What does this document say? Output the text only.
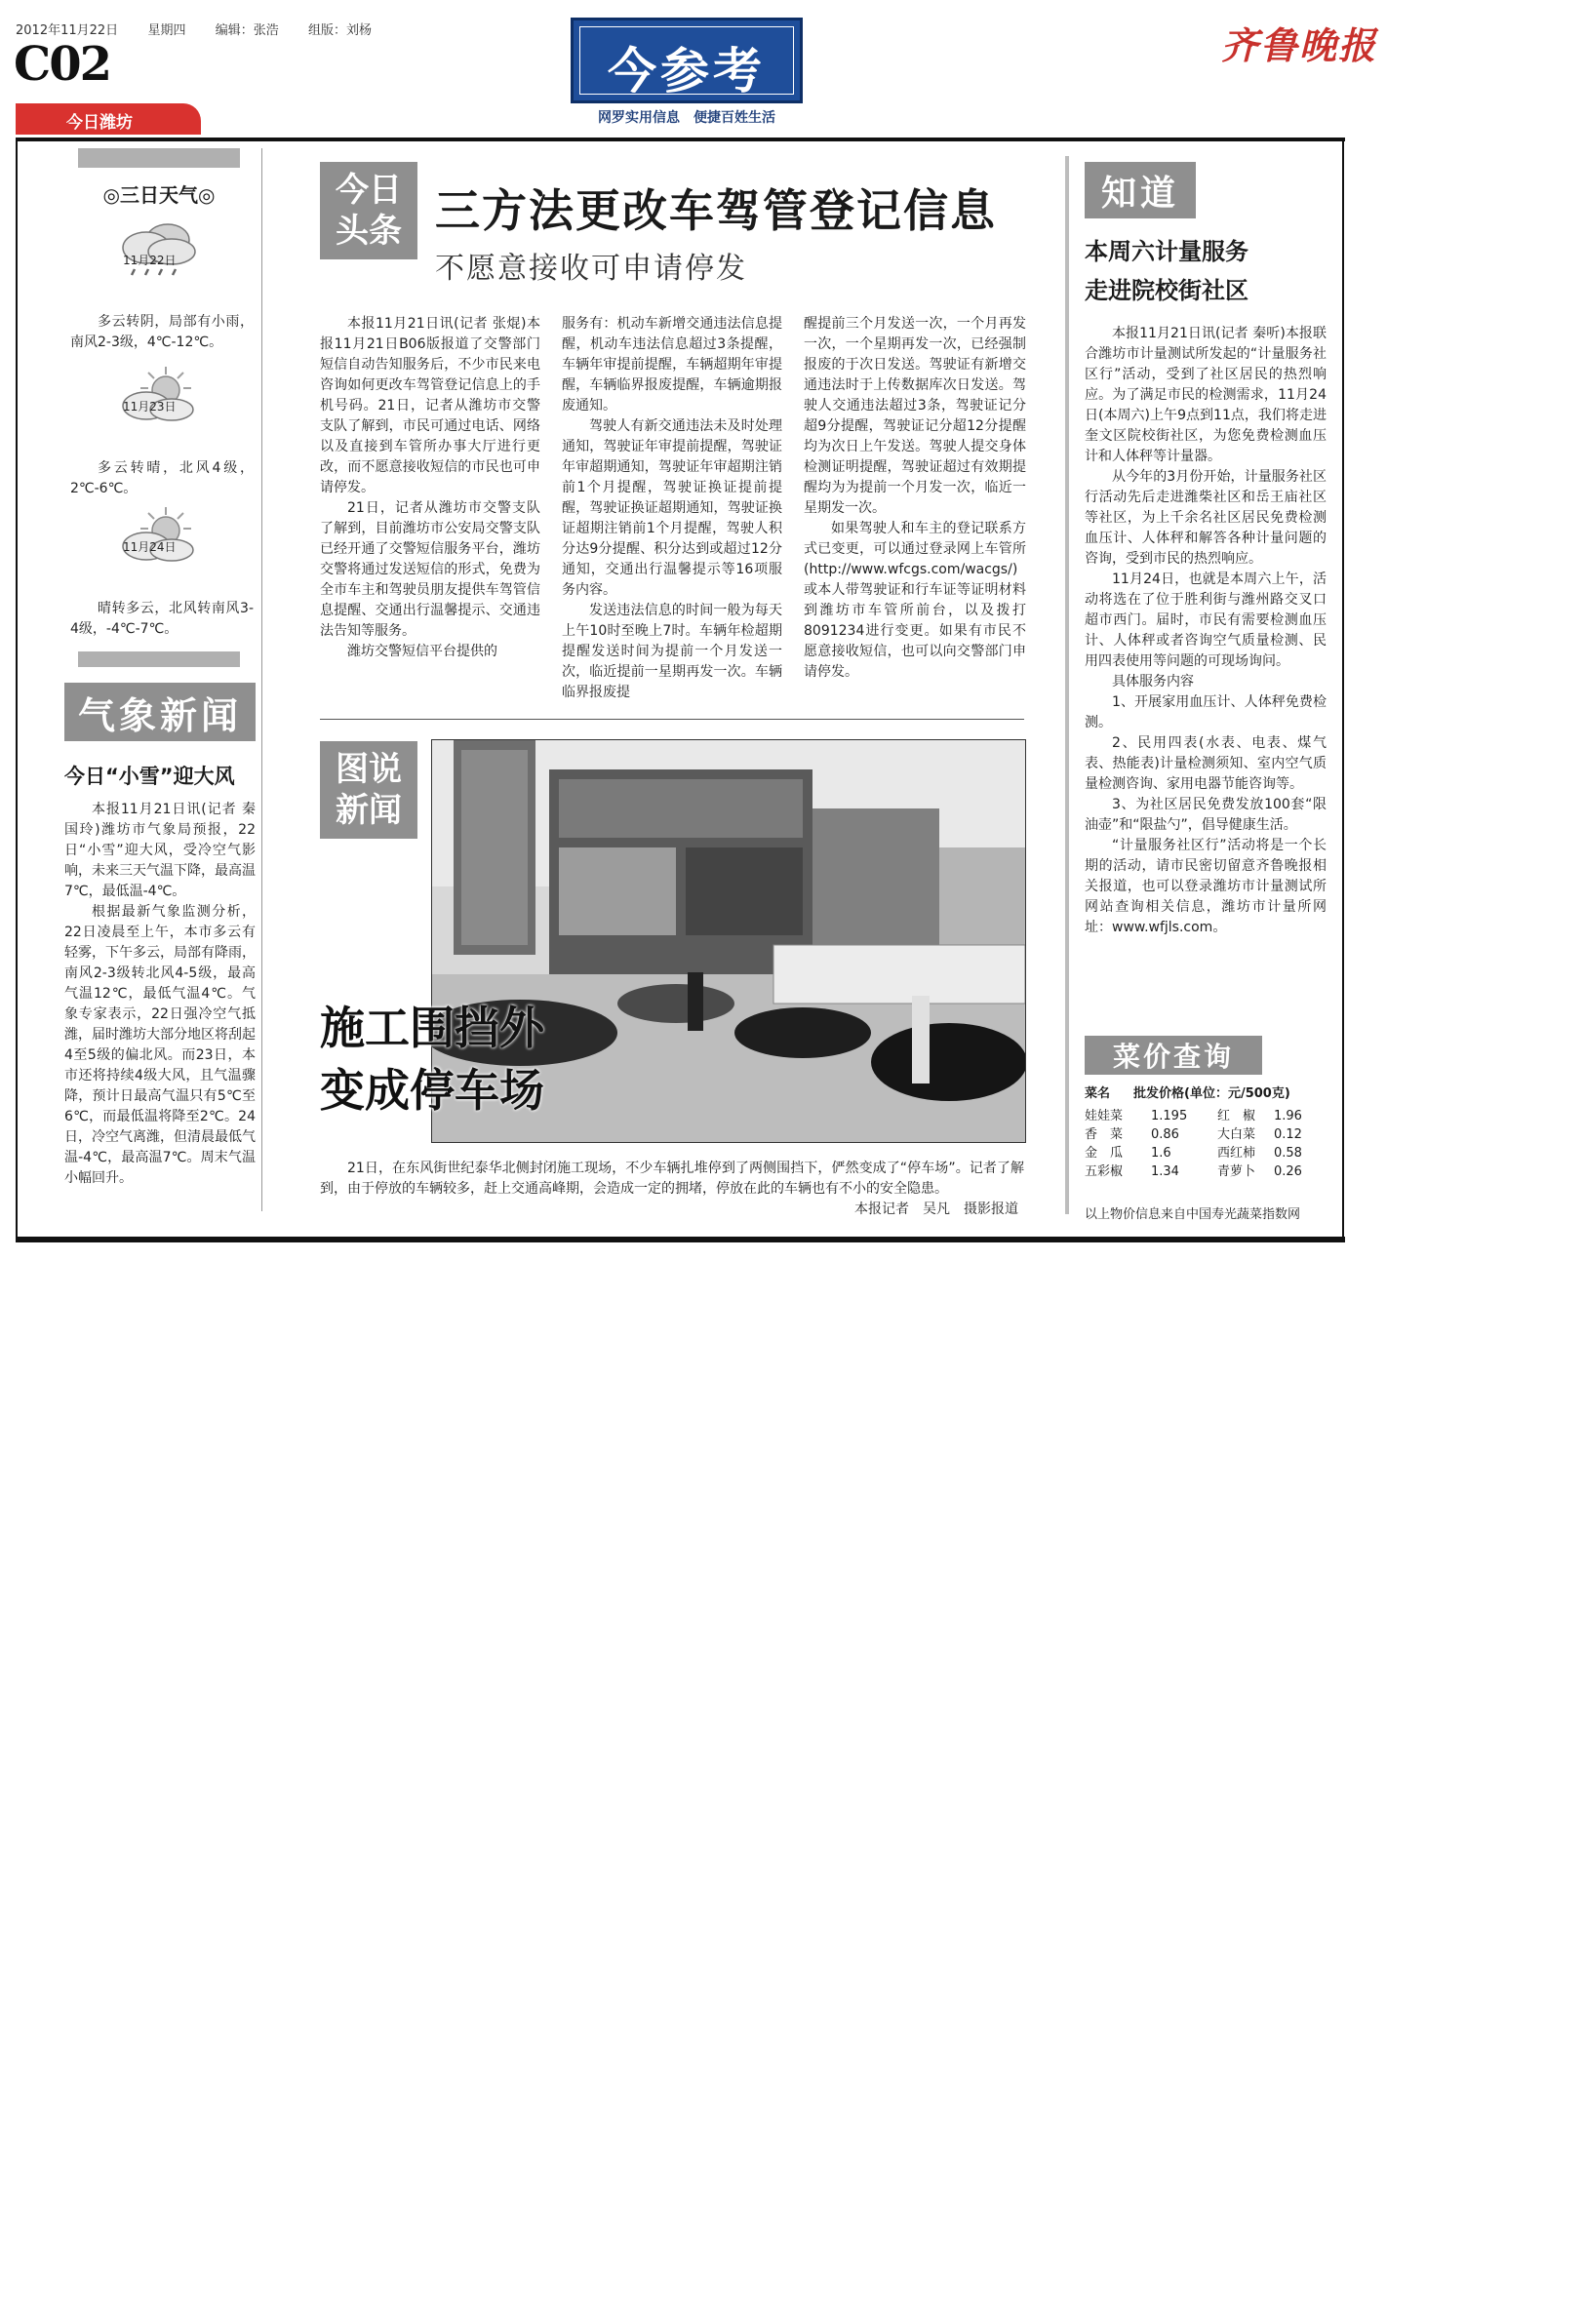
2012年11月22日 星期四 编辑：张浩 组版：刘杨
C02
今日潍坊
今参考
网罗实用信息　便捷百姓生活
齐鲁晚报
◎三日天气◎
11月22日
多云转阴，局部有小雨，南风2-3级，4℃-12℃。
11月23日
多云转晴，北风4级，2℃-6℃。
11月24日
晴转多云，北风转南风3-4级，-4℃-7℃。
气象新闻
今日“小雪”迎大风

本报11月21日讯(记者 秦国玲)潍坊市气象局预报，22日“小雪”迎大风，受冷空气影响，未来三天气温下降，最高温7℃，最低温-4℃。

根据最新气象监测分析，22日凌晨至上午，本市多云有轻雾，下午多云，局部有降雨，南风2-3级转北风4-5级，最高气温12℃，最低气温4℃。气象专家表示，22日强冷空气抵潍，届时潍坊大部分地区将刮起4至5级的偏北风。而23日，本市还将持续4级大风，且气温骤降，预计日最高气温只有5℃至6℃，而最低温将降至2℃。24日，冷空气离潍，但清晨最低气温-4℃，最高温7℃。周末气温小幅回升。

今日
头条 三方法更改车驾管登记信息
不愿意接收可申请停发

本报11月21日讯(记者 张焜)本报11月21日B06版报道了交警部门短信自动告知服务后，不少市民来电咨询如何更改车驾管登记信息上的手机号码。21日，记者从潍坊市交警支队了解到，市民可通过电话、网络以及直接到车管所办事大厅进行更改，而不愿意接收短信的市民也可申请停发。

21日，记者从潍坊市交警支队了解到，目前潍坊市公安局交警支队已经开通了交警短信服务平台，潍坊交警将通过发送短信的形式，免费为全市车主和驾驶员朋友提供车驾管信息提醒、交通出行温馨提示、交通违法告知等服务。

潍坊交警短信平台提供的

服务有：机动车新增交通违法信息提醒，机动车违法信息超过3条提醒，车辆年审提前提醒，车辆超期年审提醒，车辆临界报废提醒，车辆逾期报废通知。

驾驶人有新交通违法未及时处理通知，驾驶证年审提前提醒，驾驶证年审超期通知，驾驶证年审超期注销前1个月提醒，驾驶证换证提前提醒，驾驶证换证超期通知，驾驶证换证超期注销前1个月提醒，驾驶人积分达9分提醒、积分达到或超过12分通知，交通出行温馨提示等16项服务内容。

发送违法信息的时间一般为每天上午10时至晚上7时。车辆年检超期提醒发送时间为提前一个月发送一次，临近提前一星期再发一次。车辆临界报废提

醒提前三个月发送一次，一个月再发一次，一个星期再发一次，已经强制报废的于次日发送。驾驶证有新增交通违法时于上传数据库次日发送。驾驶人交通违法超过3条，驾驶证记分超9分提醒，驾驶证记分超12分提醒均为次日上午发送。驾驶人提交身体检测证明提醒，驾驶证超过有效期提醒均为为提前一个月发一次，临近一星期发一次。

如果驾驶人和车主的登记联系方式已变更，可以通过登录网上车管所(http://www.wfcgs.com/wacgs/)或本人带驾驶证和行车证等证明材料到潍坊市车管所前台，以及拨打8091234进行变更。如果有市民不愿意接收短信，也可以向交警部门申请停发。

图说
新闻
施工围挡外
变成停车场

21日，在东风街世纪泰华北侧封闭施工现场，不少车辆扎堆停到了两侧围挡下，俨然变成了“停车场”。记者了解到，由于停放的车辆较多，赶上交通高峰期，会造成一定的拥堵，停放在此的车辆也有不小的安全隐患。

本报记者　吴凡　摄影报道
知道
本周六计量服务
走进院校街社区

本报11月21日讯(记者 秦听)本报联合潍坊市计量测试所发起的“计量服务社区行”活动，受到了社区居民的热烈响应。为了满足市民的检测需求，11月24日(本周六)上午9点到11点，我们将走进奎文区院校街社区，为您免费检测血压计和人体秤等计量器。

从今年的3月份开始，计量服务社区行活动先后走进潍柴社区和岳王庙社区等社区，为上千余名社区居民免费检测血压计、人体秤和解答各种计量问题的咨询，受到市民的热烈响应。

11月24日，也就是本周六上午，活动将选在了位于胜利街与潍州路交叉口超市西门。届时，市民有需要检测血压计、人体秤或者咨询空气质量检测、民用四表使用等问题的可现场询问。

具体服务内容

1、开展家用血压计、人体秤免费检测。

2、民用四表(水表、电表、煤气表、热能表)计量检测须知、室内空气质量检测咨询、家用电器节能咨询等。

3、为社区居民免费发放100套“限油壶”和“限盐勺”，倡导健康生活。

“计量服务社区行”活动将是一个长期的活动，请市民密切留意齐鲁晚报相关报道，也可以登录潍坊市计量测试所网站查询相关信息，潍坊市计量所网址：www.wfjls.com。

菜价查询
菜名	批发价格(单位：元/500克)
娃娃菜	1.195	红　椒	1.96
香　菜	0.86	大白菜	0.12
金　瓜	1.6	西红柿	0.58
五彩椒	1.34	青萝卜	0.26
以上物价信息来自中国寿光蔬菜指数网
